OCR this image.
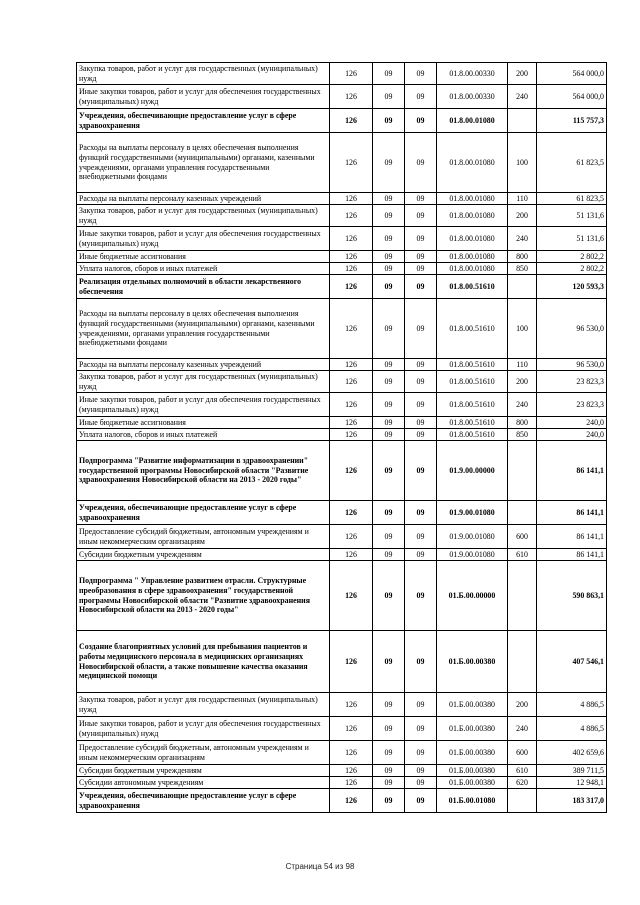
Закупка товаров, работ и услуг для государственных (муниципальных) нужд	126	09	09	01.8.00.00330	200	564 000,0
Иные закупки товаров, работ и услуг для обеспечения государственных (муниципальных) нужд	126	09	09	01.8.00.00330	240	564 000,0
Учреждения, обеспечивающие предоставление услуг в сфере здравоохранения	126	09	09	01.8.00.01080		115 757,3
Расходы на выплаты персоналу в целях обеспечения выполнения функций государственными (муниципальными) органами, казенными учреждениями, органами управления государственными внебюджетными фондами	126	09	09	01.8.00.01080	100	61 823,5
Расходы на выплаты персоналу казенных учреждений	126	09	09	01.8.00.01080	110	61 823,5
Закупка товаров, работ и услуг для государственных (муниципальных) нужд	126	09	09	01.8.00.01080	200	51 131,6
Иные закупки товаров, работ и услуг для обеспечения государственных (муниципальных) нужд	126	09	09	01.8.00.01080	240	51 131,6
Иные бюджетные ассигнования	126	09	09	01.8.00.01080	800	2 802,2
Уплата налогов, сборов и иных платежей	126	09	09	01.8.00.01080	850	2 802,2
Реализация отдельных полномочий в области лекарственного обеспечения	126	09	09	01.8.00.51610		120 593,3
Расходы на выплаты персоналу в целях обеспечения выполнения функций государственными (муниципальными) органами, казенными учреждениями, органами управления государственными внебюджетными фондами	126	09	09	01.8.00.51610	100	96 530,0
Расходы на выплаты персоналу казенных учреждений	126	09	09	01.8.00.51610	110	96 530,0
Закупка товаров, работ и услуг для государственных (муниципальных) нужд	126	09	09	01.8.00.51610	200	23 823,3
Иные закупки товаров, работ и услуг для обеспечения государственных (муниципальных) нужд	126	09	09	01.8.00.51610	240	23 823,3
Иные бюджетные ассигнования	126	09	09	01.8.00.51610	800	240,0
Уплата налогов, сборов и иных платежей	126	09	09	01.8.00.51610	850	240,0
Подпрограмма "Развитие информатизации в здравоохранении" государственной программы Новосибирской области "Развитие здравоохранения Новосибирской области на 2013 - 2020 годы"	126	09	09	01.9.00.00000		86 141,1
Учреждения, обеспечивающие предоставление услуг в сфере здравоохранения	126	09	09	01.9.00.01080		86 141,1
Предоставление субсидий бюджетным, автономным учреждениям и иным некоммерческим организациям	126	09	09	01.9.00.01080	600	86 141,1
Субсидии бюджетным учреждениям	126	09	09	01.9.00.01080	610	86 141,1
Подпрограмма " Управление развитием отрасли. Структурные преобразования в сфере здравоохранения" государственной программы Новосибирской области "Развитие здравоохранения Новосибирской области на 2013 - 2020 годы"	126	09	09	01.Б.00.00000		590 863,1
Создание благоприятных условий для пребывания пациентов и работы медицинского персонала в медицинских организациях Новосибирской области, а также повышение качества оказания медицинской помощи	126	09	09	01.Б.00.00380		407 546,1
Закупка товаров, работ и услуг для государственных (муниципальных) нужд	126	09	09	01.Б.00.00380	200	4 886,5
Иные закупки товаров, работ и услуг для обеспечения государственных (муниципальных) нужд	126	09	09	01.Б.00.00380	240	4 886,5
Предоставление субсидий бюджетным, автономным учреждениям и иным некоммерческим организациям	126	09	09	01.Б.00.00380	600	402 659,6
Субсидии бюджетным учреждениям	126	09	09	01.Б.00.00380	610	389 711,5
Субсидии автономным учреждениям	126	09	09	01.Б.00.00380	620	12 948,1
Учреждения, обеспечивающие предоставление услуг в сфере здравоохранения	126	09	09	01.Б.00.01080		183 317,0
Страница 54 из 98
